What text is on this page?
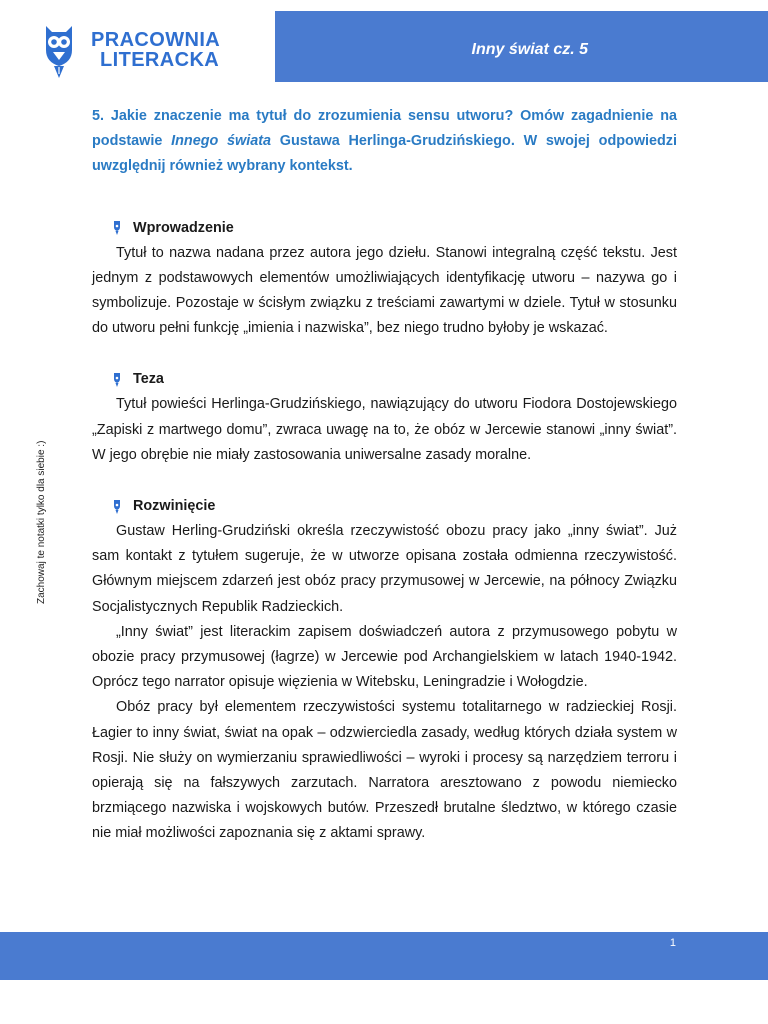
PRACOWNIA
LITERACKA	Inny świat cz. 5
Zachowaj te notatki tylko dla siebie :)

5. Jakie znaczenie ma tytuł do zrozumienia sensu utworu? Omów zagadnienie na podstawie Innego świata Gustawa Herlinga-Grudzińskiego. W swojej odpowiedzi uwzględnij również wybrany kontekst.

Wprowadzenie

Tytuł to nazwa nadana przez autora jego dziełu. Stanowi integralną część tekstu. Jest jednym z podstawowych elementów umożliwiających identyfikację utworu – nazywa go i symbolizuje. Pozostaje w ścisłym związku z treściami zawartymi w dziele. Tytuł w stosunku do utworu pełni funkcję „imienia i nazwiska”, bez niego trudno byłoby je wskazać.

Teza

Tytuł powieści Herlinga-Grudzińskiego, nawiązujący do utworu Fiodora Dostojewskiego „Zapiski z martwego domu”, zwraca uwagę na to, że obóz w Jercewie stanowi „inny świat”. W jego obrębie nie miały zastosowania uniwersalne zasady moralne.

Rozwinięcie

Gustaw Herling-Grudziński określa rzeczywistość obozu pracy jako „inny świat”. Już sam kontakt z tytułem sugeruje, że w utworze opisana została odmienna rzeczywistość. Głównym miejscem zdarzeń jest obóz pracy przymusowej w Jercewie, na północy Związku Socjalistycznych Republik Radzieckich.

„Inny świat” jest literackim zapisem doświadczeń autora z przymusowego pobytu w obozie pracy przymusowej (łagrze) w Jercewie pod Archangielskiem w latach 1940-1942. Oprócz tego narrator opisuje więzienia w Witebsku, Leningradzie i Wołogdzie.

Obóz pracy był elementem rzeczywistości systemu totalitarnego w radzieckiej Rosji. Łagier to inny świat, świat na opak – odzwierciedla zasady, według których działa system w Rosji. Nie służy on wymierzaniu sprawiedliwości – wyroki i procesy są narzędziem terroru i opierają się na fałszywych zarzutach. Narratora aresztowano z powodu niemiecko brzmiącego nazwiska i wojskowych butów. Przeszedł brutalne śledztwo, w którego czasie nie miał możliwości zapoznania się z aktami sprawy.

1
